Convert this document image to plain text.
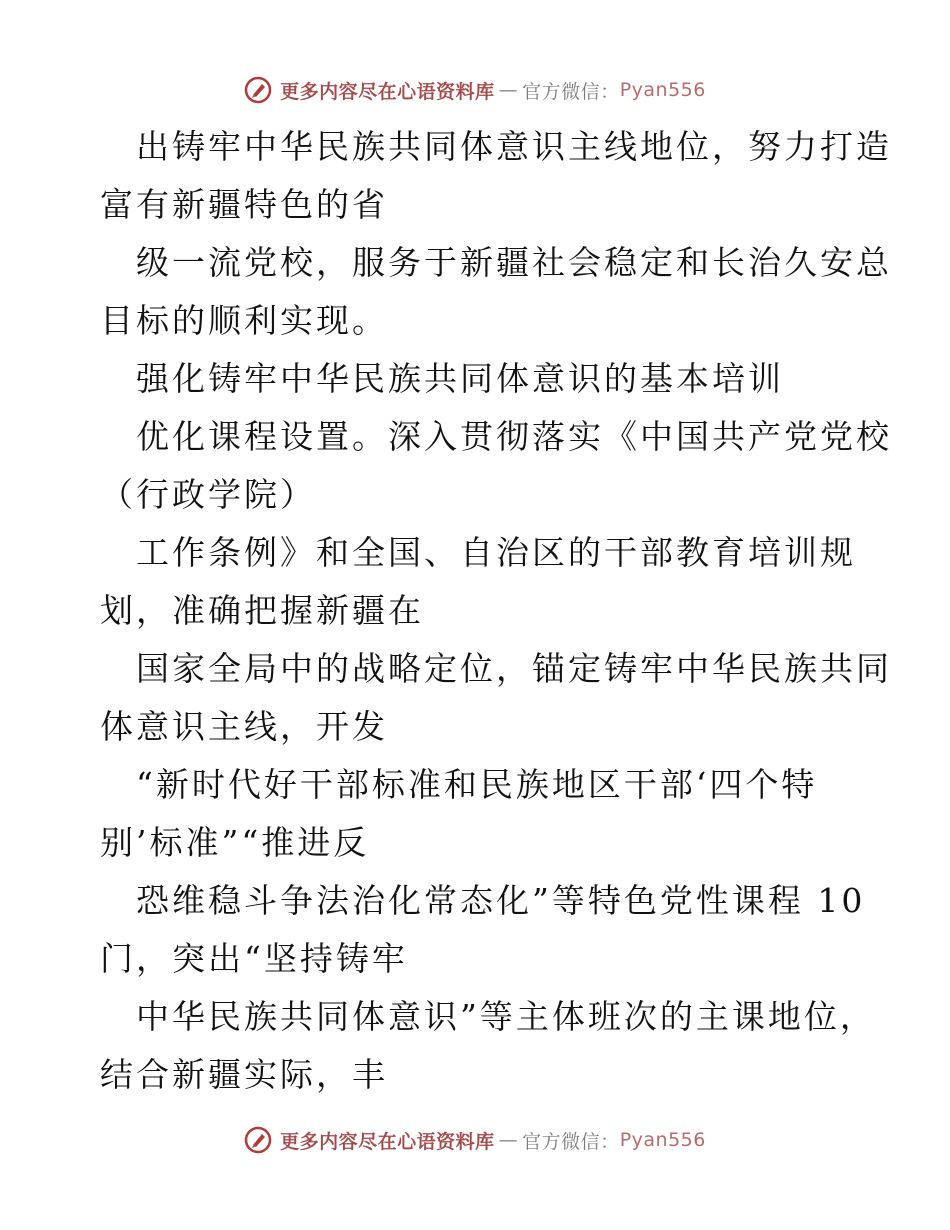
更多内容尽在心语资料库 — 官方微信： Pyan556
出铸牢中华民族共同体意识主线地位，努力打造
富有新疆特色的省
级一流党校，服务于新疆社会稳定和长治久安总
目标的顺利实现。
强化铸牢中华民族共同体意识的基本培训
优化课程设置。深入贯彻落实《中国共产党党校
（行政学院）
工作条例》和全国、自治区的干部教育培训规
划，准确把握新疆在
国家全局中的战略定位，锚定铸牢中华民族共同
体意识主线，开发
“新时代好干部标准和民族地区干部‘四个特
别’标准”“推进反
恐维稳斗争法治化常态化”等特色党性课程 10
门，突出“坚持铸牢
中华民族共同体意识”等主体班次的主课地位，
结合新疆实际，丰
更多内容尽在心语资料库 — 官方微信： Pyan556
